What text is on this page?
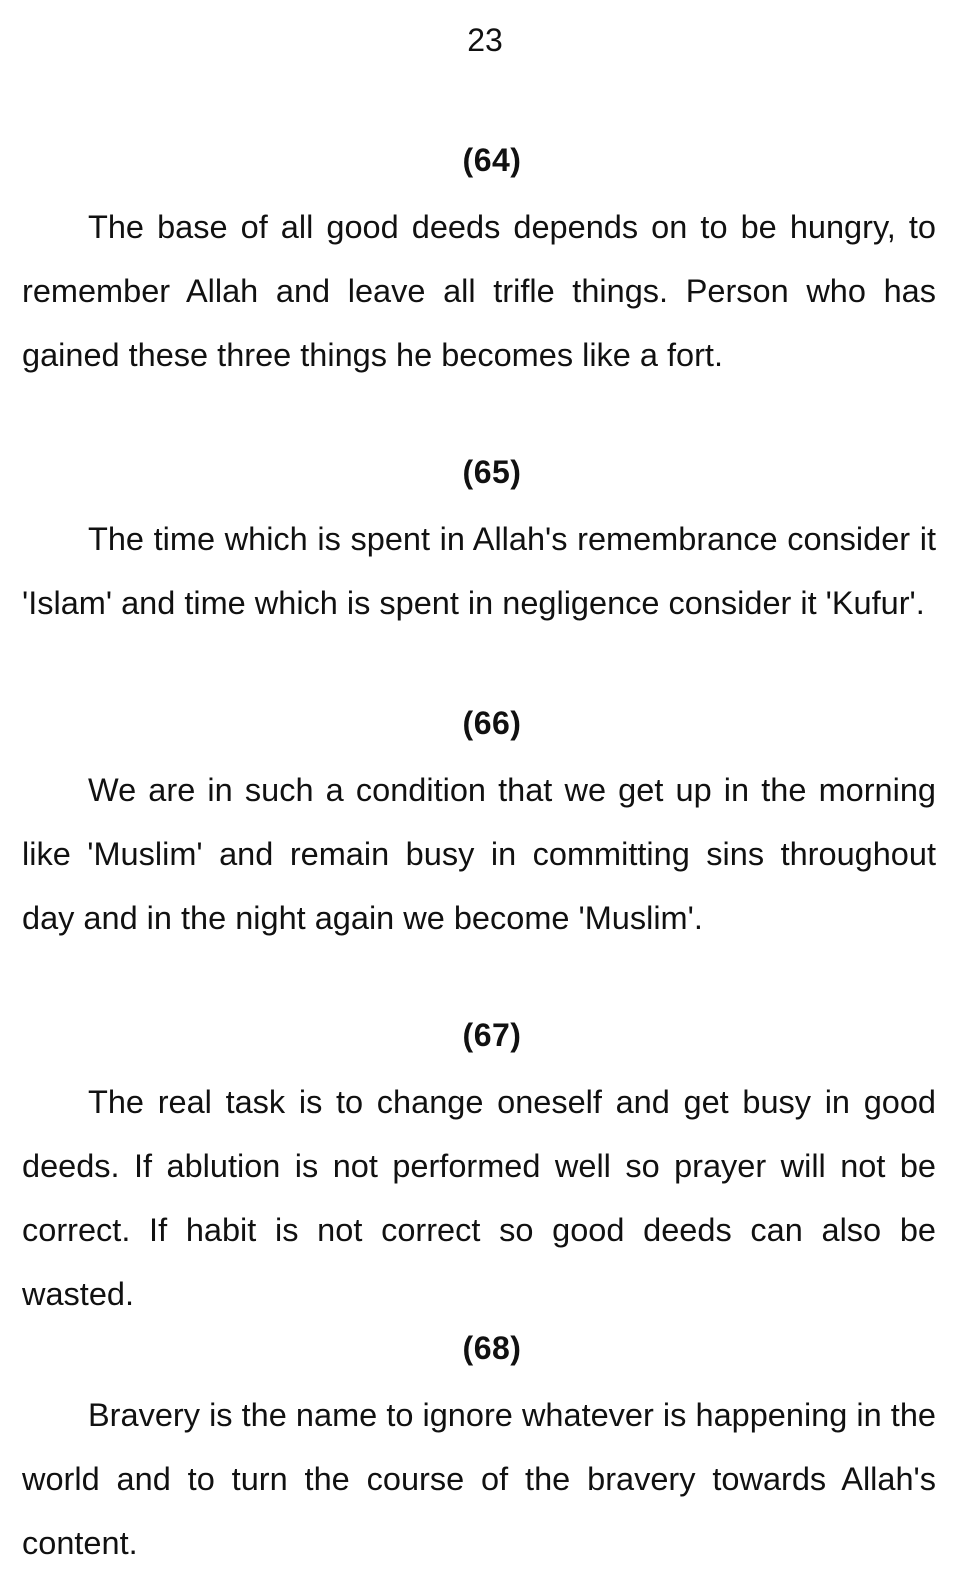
23
(64)

The base of all good deeds depends on to be hungry, to remember Allah and leave all trifle things. Person who has gained these three things he becomes like a fort.

(65)

The time which is spent in Allah's remembrance consider it 'Islam' and time which is spent in negligence consider it 'Kufur'.

(66)

We are in such a condition that we get up in the morning like 'Muslim' and remain busy in committing sins throughout day and in the night again we become 'Muslim'.

(67)

The real task is to change oneself and get busy in good deeds. If ablution is not performed well so prayer will not be correct. If habit is not correct so good deeds can also be wasted.

(68)

Bravery is the name to ignore whatever is happening in the world and to turn the course of the bravery towards Allah's content.
